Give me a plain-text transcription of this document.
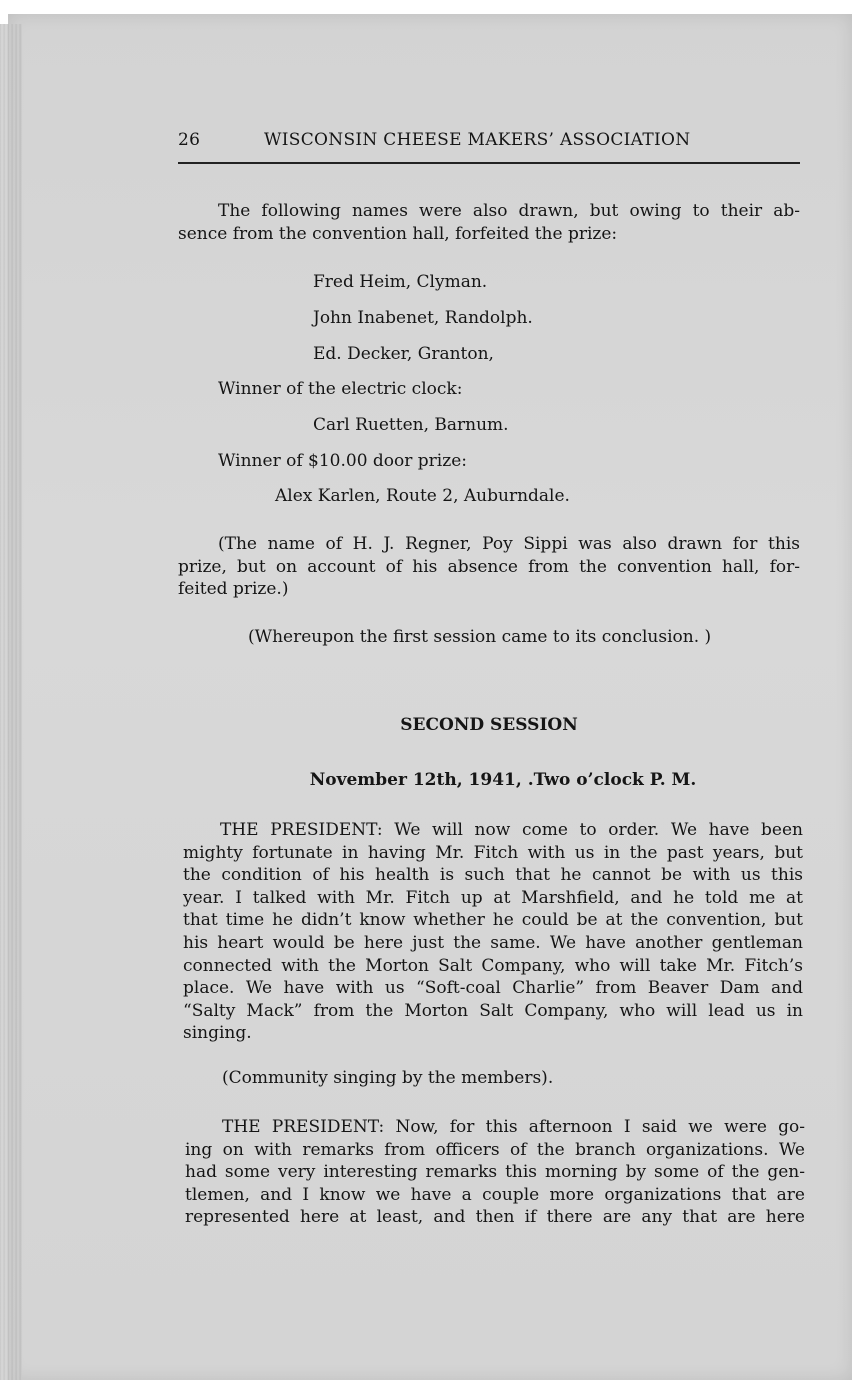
26	WISCONSIN CHEESE MAKERS’ ASSOCIATION
The following names were also drawn, but owing to their ab-
sence from the convention hall, forfeited the prize:
Fred Heim, Clyman.
John Inabenet, Randolph.
Ed. Decker, Granton,
Winner of the electric clock:
Carl Ruetten, Barnum.
Winner of $10.00 door prize:
Alex Karlen, Route 2, Auburndale.
(The name of H. J. Regner, Poy Sippi was also drawn for this
prize, but on account of his absence from the convention hall, for-
feited prize.)
(Whereupon the first session came to its conclusion. )
SECOND SESSION
November 12th, 1941, .Two o’clock P. M.
THE PRESIDENT: We will now come to order. We have been
mighty fortunate in having Mr. Fitch with us in the past years, but
the condition of his health is such that he cannot be with us this
year. I talked with Mr. Fitch up at Marshfield, and he told me at
that time he didn’t know whether he could be at the convention, but
his heart would be here just the same. We have another gentleman
connected with the Morton Salt Company, who will take Mr. Fitch’s
place. We have with us “Soft-coal Charlie” from Beaver Dam and
“Salty Mack” from the Morton Salt Company, who will lead us in
singing.
(Community singing by the members).
THE PRESIDENT: Now, for this afternoon I said we were go-
ing on with remarks from officers of the branch organizations. We
had some very interesting remarks this morning by some of the gen-
tlemen, and I know we have a couple more organizations that are
represented here at least, and then if there are any that are here
